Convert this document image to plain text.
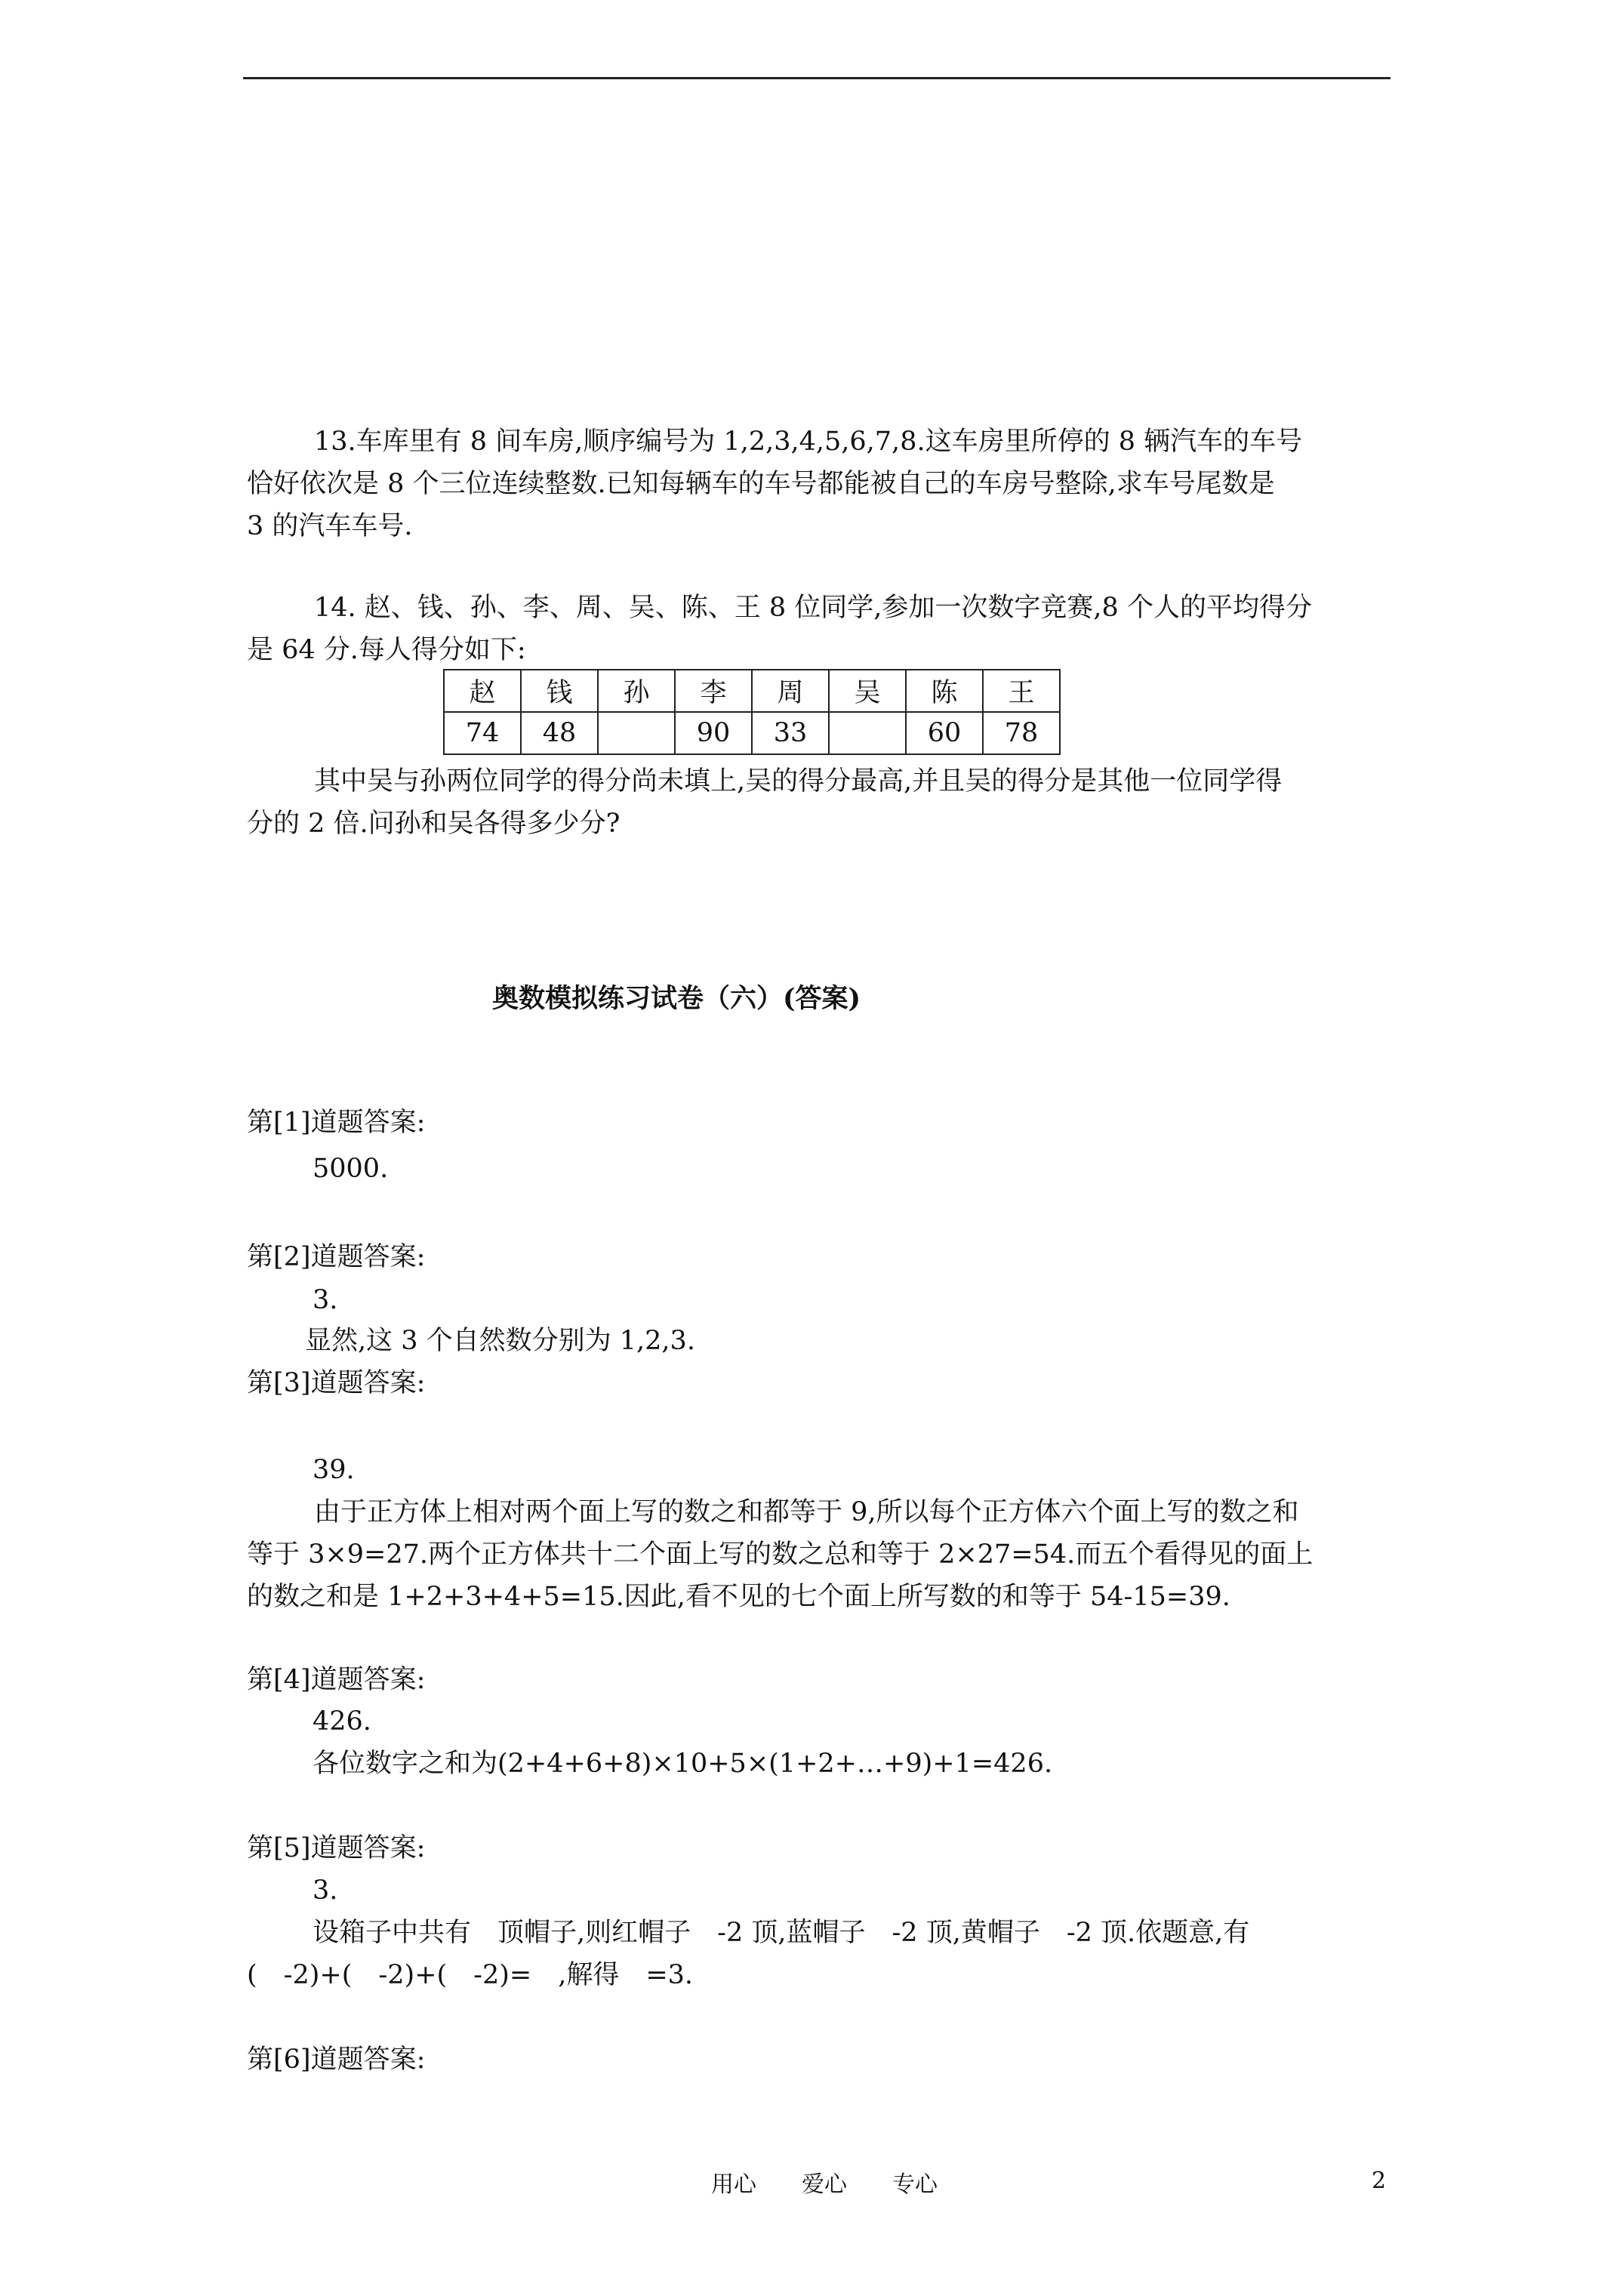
13.车库里有 8 间车房,顺序编号为 1,2,3,4,5,6,7,8.这车房里所停的 8 辆汽车的车号
恰好依次是 8 个三位连续整数.已知每辆车的车号都能被自己的车房号整除,求车号尾数是
3 的汽车车号.
14. 赵、钱、孙、李、周、吴、陈、王 8 位同学,参加一次数字竞赛,8 个人的平均得分
是 64 分.每人得分如下:
赵	钱	孙	李	周	吴	陈	王
74	48		90	33		60	78
其中吴与孙两位同学的得分尚未填上,吴的得分最高,并且吴的得分是其他一位同学得
分的 2 倍.问孙和吴各得多少分?
奥数模拟练习试卷（六）(答案)
第[1]道题答案:
5000.
第[2]道题答案:
3.
显然,这 3 个自然数分别为 1,2,3.
第[3]道题答案:
39.
由于正方体上相对两个面上写的数之和都等于 9,所以每个正方体六个面上写的数之和
等于 3×9=27.两个正方体共十二个面上写的数之总和等于 2×27=54.而五个看得见的面上
的数之和是 1+2+3+4+5=15.因此,看不见的七个面上所写数的和等于 54-15=39.
第[4]道题答案:
426.
各位数字之和为(2+4+6+8)×10+5×(1+2+…+9)+1=426.
第[5]道题答案:
3.
设箱子中共有　顶帽子,则红帽子　-2 顶,蓝帽子　-2 顶,黄帽子　-2 顶.依题意,有
(　-2)+(　-2)+(　-2)=　,解得　=3.
第[6]道题答案:
用心　　爱心　　专心	2
